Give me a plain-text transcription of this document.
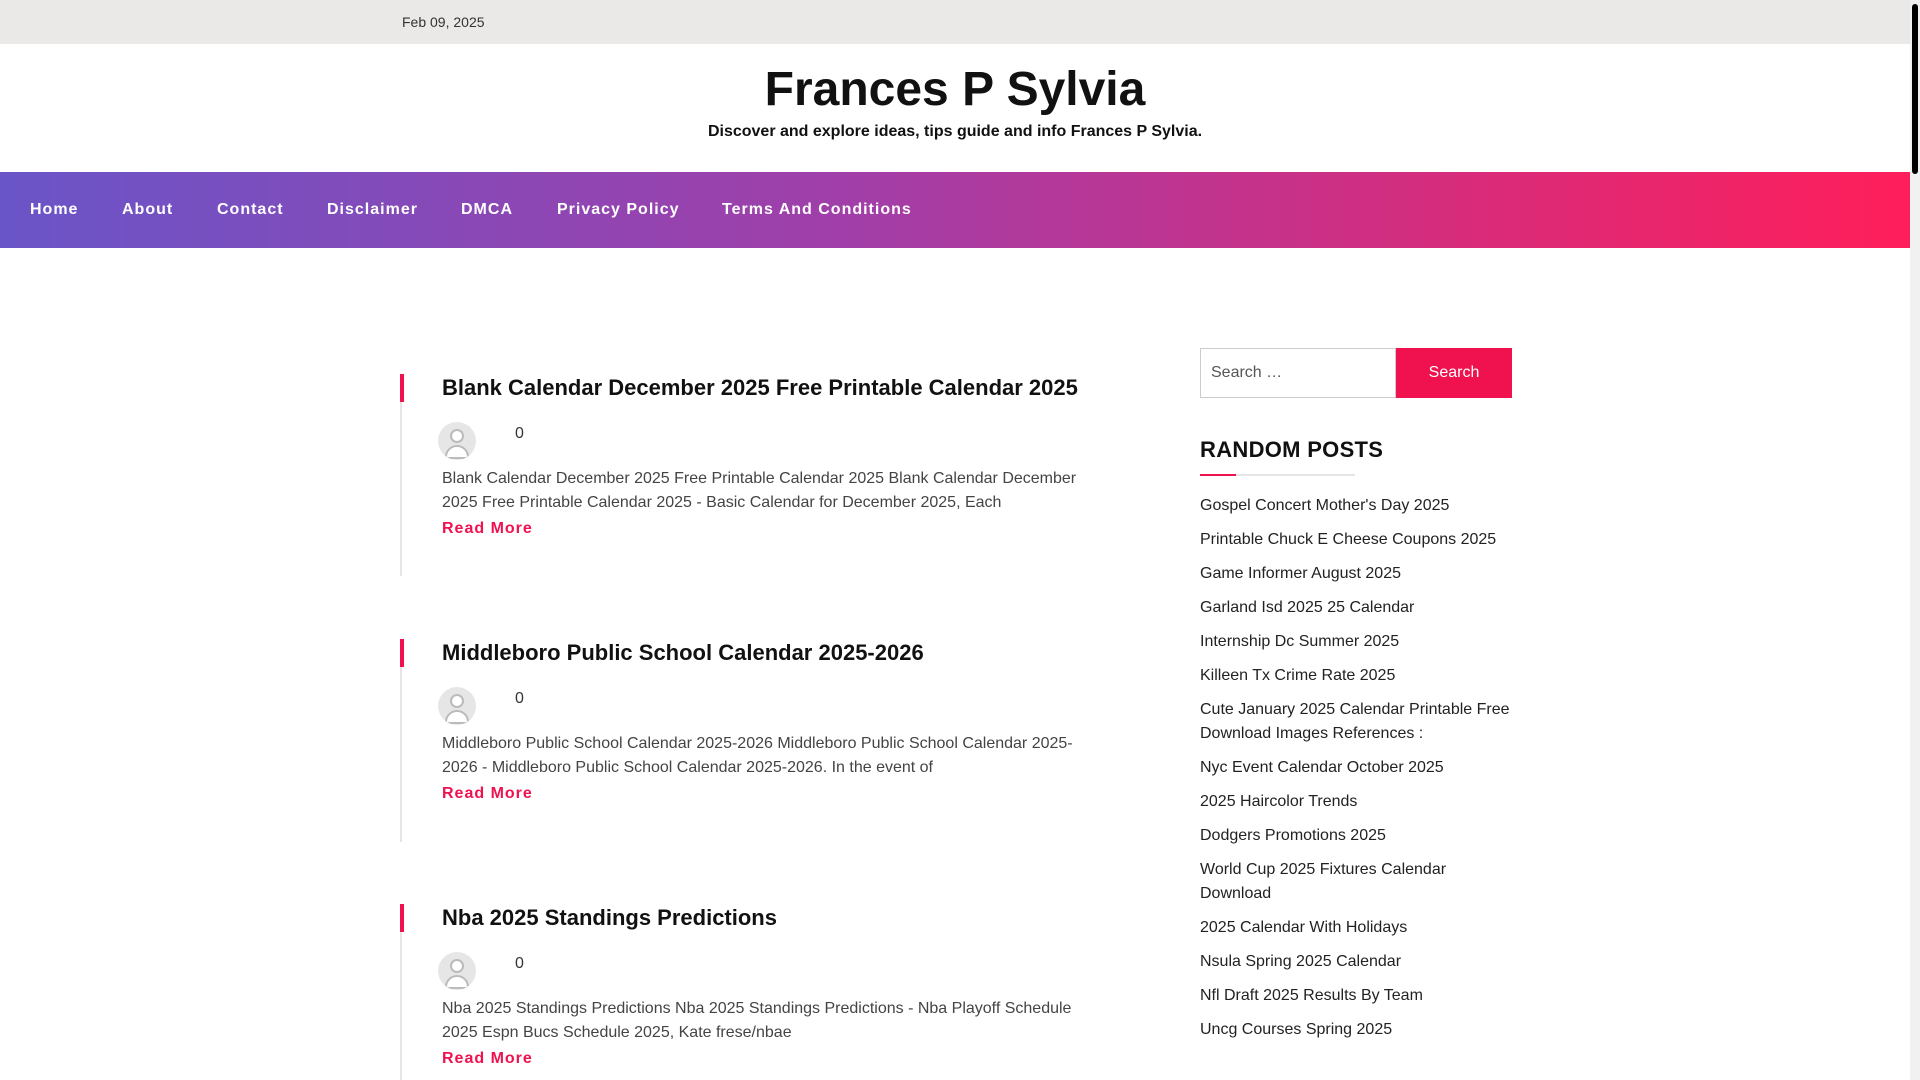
Feb 09, 2025
Frances P Sylvia
Discover and explore ideas, tips guide and info Frances P Sylvia.
Home	About	Contact	Disclaimer	DMCA	Privacy Policy	Terms And Conditions
Blank Calendar December 2025 Free Printable Calendar 2025
0

Blank Calendar December 2025 Free Printable Calendar 2025 Blank Calendar December 2025 Free Printable Calendar 2025 - Basic Calendar for December 2025, Each

Read More
Middleboro Public School Calendar 2025-2026
0

Middleboro Public School Calendar 2025-2026 Middleboro Public School Calendar 2025-2026 - Middleboro Public School Calendar 2025-2026. In the event of

Read More
Nba 2025 Standings Predictions
0

Nba 2025 Standings Predictions Nba 2025 Standings Predictions - Nba Playoff Schedule 2025 Espn Bucs Schedule 2025, Kate frese/nbae

Read More
Search …
Search
RANDOM POSTS
Gospel Concert Mother's Day 2025
Printable Chuck E Cheese Coupons 2025
Game Informer August 2025
Garland Isd 2025 25 Calendar
Internship Dc Summer 2025
Killeen Tx Crime Rate 2025
Cute January 2025 Calendar Printable Free Download Images References :
Nyc Event Calendar October 2025
2025 Haircolor Trends
Dodgers Promotions 2025
World Cup 2025 Fixtures Calendar Download
2025 Calendar With Holidays
Nsula Spring 2025 Calendar
Nfl Draft 2025 Results By Team
Uncg Courses Spring 2025
